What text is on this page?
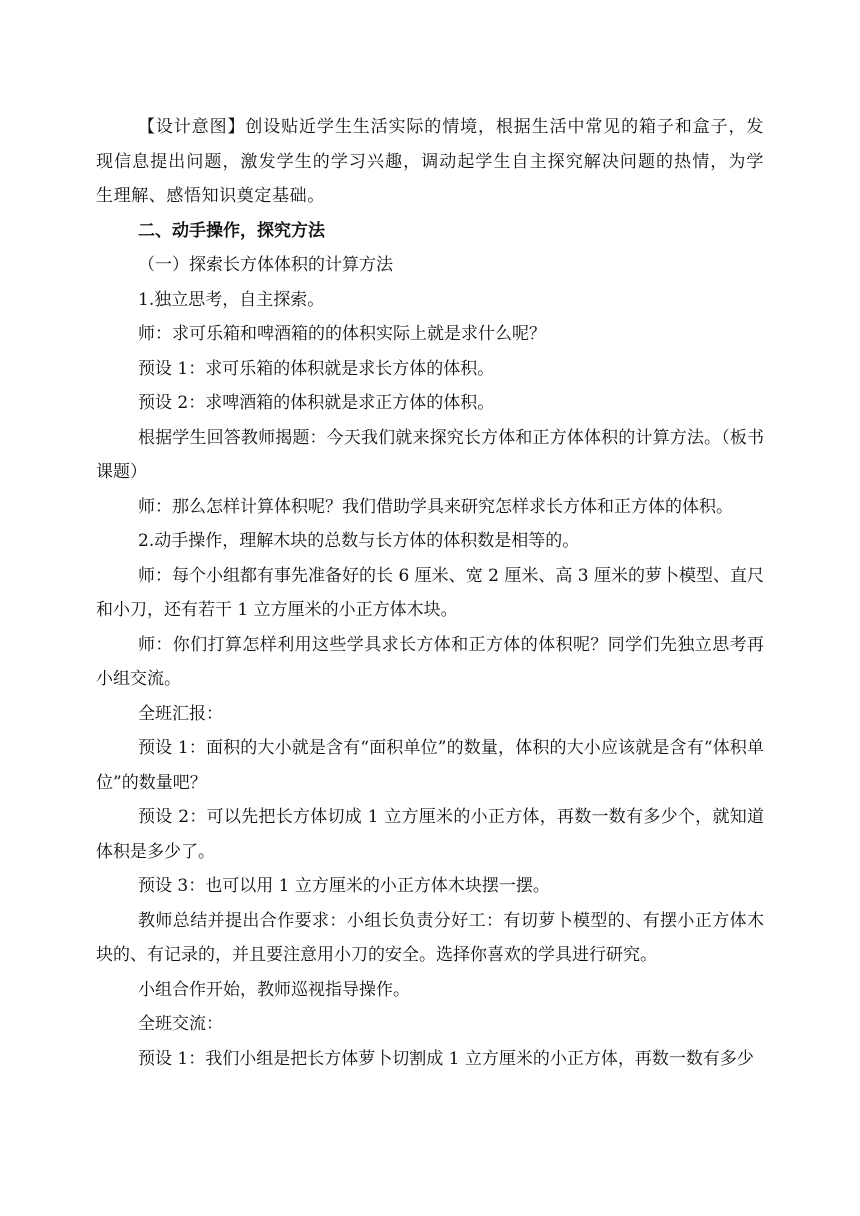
【设计意图】创设贴近学生生活实际的情境，根据生活中常见的箱子和盒子，发现信息提出问题，激发学生的学习兴趣，调动起学生自主探究解决问题的热情，为学生理解、感悟知识奠定基础。

二、动手操作，探究方法

（一）探索长方体体积的计算方法

1.独立思考，自主探索。

师：求可乐箱和啤酒箱的的体积实际上就是求什么呢？

预设 1：求可乐箱的体积就是求长方体的体积。

预设 2：求啤酒箱的体积就是求正方体的体积。

根据学生回答教师揭题：今天我们就来探究长方体和正方体体积的计算方法。（板书课题）

师：那么怎样计算体积呢？我们借助学具来研究怎样求长方体和正方体的体积。

2.动手操作，理解木块的总数与长方体的体积数是相等的。

师：每个小组都有事先准备好的长 6 厘米、宽 2 厘米、高 3 厘米的萝卜模型、直尺和小刀，还有若干 1 立方厘米的小正方体木块。

师：你们打算怎样利用这些学具求长方体和正方体的体积呢？同学们先独立思考再小组交流。

全班汇报：

预设 1：面积的大小就是含有“面积单位”的数量，体积的大小应该就是含有“体积单位”的数量吧？

预设 2：可以先把长方体切成 1 立方厘米的小正方体，再数一数有多少个，就知道体积是多少了。

预设 3：也可以用 1 立方厘米的小正方体木块摆一摆。

教师总结并提出合作要求：小组长负责分好工：有切萝卜模型的、有摆小正方体木块的、有记录的，并且要注意用小刀的安全。选择你喜欢的学具进行研究。

小组合作开始，教师巡视指导操作。

全班交流：

预设 1：我们小组是把长方体萝卜切割成 1 立方厘米的小正方体，再数一数有多少
